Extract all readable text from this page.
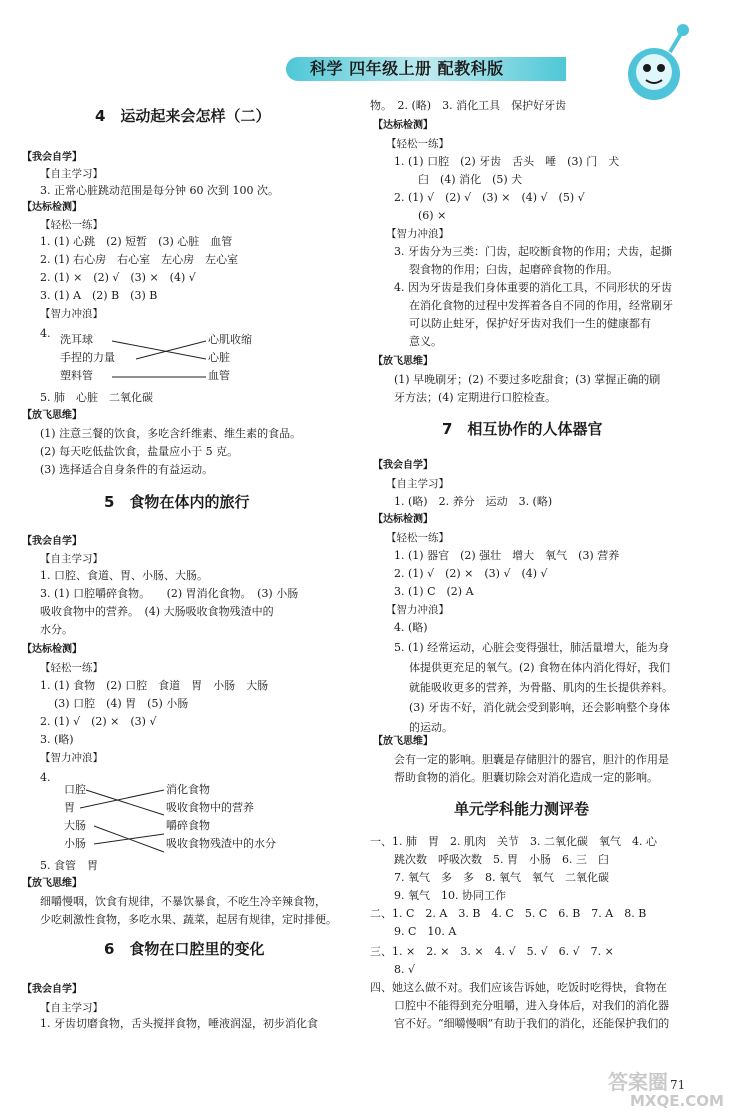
科学 四年级上册 配教科版
4　运动起来会怎样（二）
【我会自学】
【自主学习】
3. 正常心脏跳动范围是每分钟 60 次到 100 次。
【达标检测】
【轻松一练】
1. (1) 心跳　(2) 短暂　(3) 心脏　血管
2. (1) 右心房　右心室　左心房　左心室
2. (1) ×　(2) √　(3) ×　(4) √
3. (1) A　(2) B　(3) B
【智力冲浪】
4. 洗耳球
手捏的力量
塑料管
心肌收缩
心脏
血管
5. 肺　心脏　二氧化碳
【放飞思维】
(1) 注意三餐的饮食，多吃含纤维素、维生素的食品。
(2) 每天吃低盐饮食，盐量应小于 5 克。
(3) 选择适合自身条件的有益运动。
5　食物在体内的旅行
【我会自学】
【自主学习】
1. 口腔、食道、胃、小肠、大肠。
3. (1) 口腔嚼碎食物。　　(2) 胃消化食物。　(3) 小肠
吸收食物中的营养。　(4) 大肠吸收食物残渣中的
水分。
【达标检测】
【轻松一练】
1. (1) 食物　(2) 口腔　食道　胃　小肠　大肠
(3) 口腔　(4) 胃　(5) 小肠
2. (1) √　(2) ×　(3) √
3. (略)
【智力冲浪】
4.
口腔
胃
大肠
小肠
消化食物
吸收食物中的营养
嚼碎食物
吸收食物残渣中的水分
5. 食管　胃
【放飞思维】
细嚼慢咽，饮食有规律，不暴饮暴食，不吃生冷辛辣食物，
少吃刺激性食物，多吃水果、蔬菜，起居有规律，定时排便。
6　食物在口腔里的变化
【我会自学】
【自主学习】
1. 牙齿切磨食物，舌头搅拌食物，唾液润湿，初步消化食
物。　2. (略)　3. 消化工具　保护好牙齿
【达标检测】
【轻松一练】
1. (1) 口腔　(2) 牙齿　舌头　唾　(3) 门　犬
臼　(4) 消化　(5) 犬
2. (1) √　(2) √　(3) ×　(4) √　(5) √
(6) ×
【智力冲浪】
3. 牙齿分为三类：门齿，起咬断食物的作用；犬齿，起撕
裂食物的作用；臼齿，起磨碎食物的作用。
4. 因为牙齿是我们身体重要的消化工具，不同形状的牙齿
在消化食物的过程中发挥着各自不同的作用，经常刷牙
可以防止蛀牙，保护好牙齿对我们一生的健康都有
意义。
【放飞思维】
(1) 早晚刷牙；(2) 不要过多吃甜食；(3) 掌握正确的刷
牙方法；(4) 定期进行口腔检查。
7　相互协作的人体器官
【我会自学】
【自主学习】
1. (略)　2. 养分　运动　3. (略)
【达标检测】
【轻松一练】
1. (1) 器官　(2) 强壮　增大　氧气　(3) 营养
2. (1) √　(2) ×　(3) √　(4) √
3. (1) C　(2) A
【智力冲浪】
4. (略)
5. (1) 经常运动，心脏会变得强壮，肺活量增大，能为身
体提供更充足的氧气。(2) 食物在体内消化得好，我们
就能吸收更多的营养，为骨骼、肌肉的生长提供养料。
(3) 牙齿不好，消化就会受到影响，还会影响整个身体
的运动。
【放飞思维】
会有一定的影响。胆囊是存储胆汁的器官，胆汁的作用是
帮助食物的消化。胆囊切除会对消化造成一定的影响。
单元学科能力测评卷
一、1. 肺　胃　2. 肌肉　关节　3. 二氧化碳　氧气　4. 心
跳次数　呼吸次数　5. 胃　小肠　6. 三　臼
7. 氧气　多　多　8. 氧气　氧气　二氧化碳
9. 氧气　10. 协同工作
二、1. C　2. A　3. B　4. C　5. C　6. B　7. A　8. B
9. C　10. A
三、1. ×　2. ×　3. ×　4. √　5. √　6. √　7. ×
8. √
四、她这么做不对。我们应该告诉她，吃饭时吃得快，食物在
口腔中不能得到充分咀嚼，进入身体后，对我们的消化器
官不好。“细嚼慢咽”有助于我们的消化，还能保护我们的
答案圈
MXQE.COM
71
